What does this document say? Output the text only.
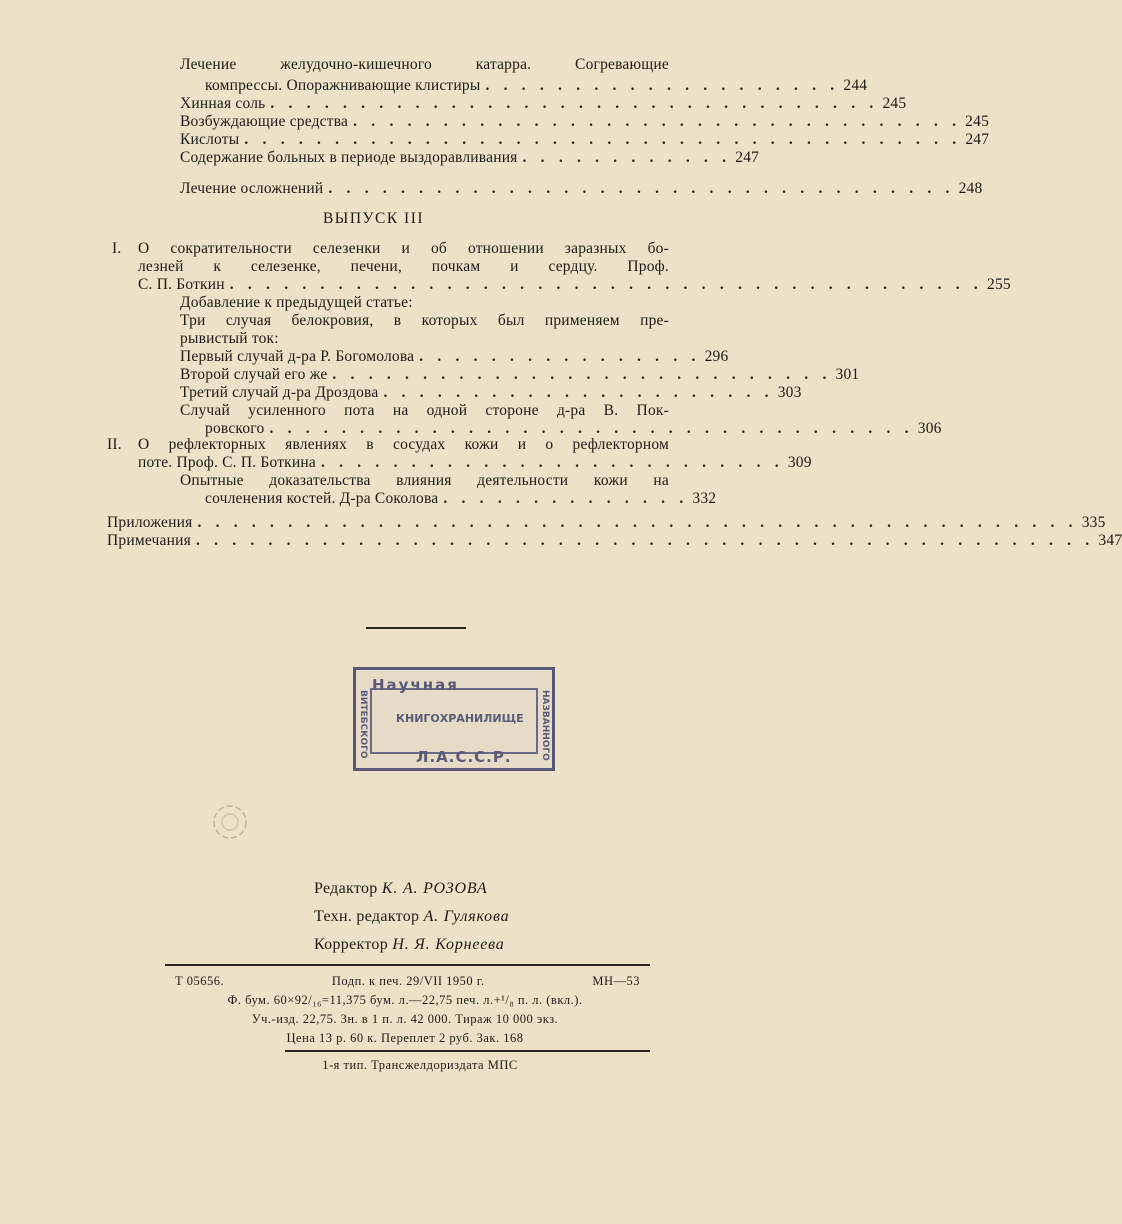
Лечение желудочно-кишечного катарра. Согревающие
компрессы. Опоражнивающие клистиры . . . . . . . . . . . . . . . . . . . . 244
Хинная соль . . . . . . . . . . . . . . . . . . . . . . . . . . . . . . . . . . 245
Возбуждающие средства . . . . . . . . . . . . . . . . . . . . . . . . . . . . . . . . . . 245
Кислоты . . . . . . . . . . . . . . . . . . . . . . . . . . . . . . . . . . . . . . . . 247
Содержание больных в периоде выздоравливания . . . . . . . . . . . . 247
Лечение осложнений . . . . . . . . . . . . . . . . . . . . . . . . . . . . . . . . . . . 248
ВЫПУСК III
I. О сократительности селезенки и об отношении заразных бо-
лезней к селезенке, печени, почкам и сердцу. Проф.
С. П. Боткин . . . . . . . . . . . . . . . . . . . . . . . . . . . . . . . . . . . . . . . . . . 255
Добавление к предыдущей статье:
Три случая белокровия, в которых был применяем пре-
рывистый ток:
Первый случай д-ра Р. Богомолова . . . . . . . . . . . . . . . . 296
Второй случай его же . . . . . . . . . . . . . . . . . . . . . . . . . . . . 301
Третий случай д-ра Дроздова . . . . . . . . . . . . . . . . . . . . . . 303
Случай усиленного пота на одной стороне д-ра В. Пок-
ровского . . . . . . . . . . . . . . . . . . . . . . . . . . . . . . . . . . . . 306
II. О рефлекторных явлениях в сосудах кожи и о рефлекторном
поте. Проф. С. П. Боткина . . . . . . . . . . . . . . . . . . . . . . . . . . 309
Опытные доказательства влияния деятельности кожи на
сочленения костей. Д-ра Соколова . . . . . . . . . . . . . . 332
Приложения . . . . . . . . . . . . . . . . . . . . . . . . . . . . . . . . . . . . . . . . . . . . . . . . . 335
Примечания . . . . . . . . . . . . . . . . . . . . . . . . . . . . . . . . . . . . . . . . . . . . . . . . . . 347
Научная
КНИГОХРАНИЛИЩЕ
Л.А.С.С.Р.
ВИТЕБСКОГО	НАЗВАННОГО
Редактор К. А. РОЗОВА
Техн. редактор А. Гулякова
Корректор Н. Я. Корнеева
Т 05656.	Подп. к печ. 29/VII 1950 г.	МН—53
Ф. бум. 60×92/₁₆=11,375 бум. л.—22,75 печ. л.+¹/₈ п. л. (вкл.).
Уч.-изд. 22,75. Зн. в 1 п. л. 42 000. Тираж 10 000 экз.
Цена 13 р. 60 к. Переплет 2 руб. Зак. 168
1-я тип. Трансжелдориздата МПС
